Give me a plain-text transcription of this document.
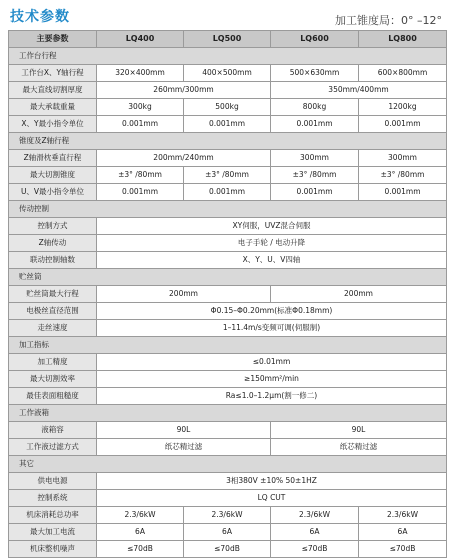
技术参数	加工锥度局：0° –12°
主要参数	LQ400	LQ500	LQ600	LQ800
工作台行程				
工作台X、Y轴行程	320×400mm	400×500mm	500×630mm	600×800mm
最大直线切割厚度	260mm/300mm		350mm/400mm	
最大承载重量	300kg	500kg	800kg	1200kg
X、Y最小指令单位	0.001mm	0.001mm	0.001mm	0.001mm
锥度及Z轴行程				
Z轴滑枕垂直行程	200mm/240mm		300mm	300mm
最大切割锥度	±3° /80mm	±3° /80mm	±3° /80mm	±3° /80mm
U、V最小指令单位	0.001mm	0.001mm	0.001mm	0.001mm
传动控制				
控制方式	XY伺服，UVZ混合伺服			
Z轴传动	电子手轮 / 电动升降			
联动控制轴数	X、Y、U、V四轴			
贮丝筒				
贮丝筒最大行程	200mm		200mm	
电极丝直径范围	Φ0.15–Φ0.20mm(标准Φ0.18mm)			
走丝速度	1–11.4m/s变频可调(伺服制)			
加工指标				
加工精度	≤0.01mm			
最大切割效率	≥150mm²/min			
最佳表面粗糙度	Ra≤1.0–1.2μm(割一修二)			
工作液箱				
液箱容	90L		90L	
工作液过滤方式	纸芯精过滤		纸芯精过滤	
其它				
供电电源	3相380V ±10% 50±1HZ			
控制系统	LQ CUT			
机床消耗总功率	2.3/6kW	2.3/6kW	2.3/6kW	2.3/6kW
最大加工电流	6A	6A	6A	6A
机床整机噪声	≤70dB	≤70dB	≤70dB	≤70dB
